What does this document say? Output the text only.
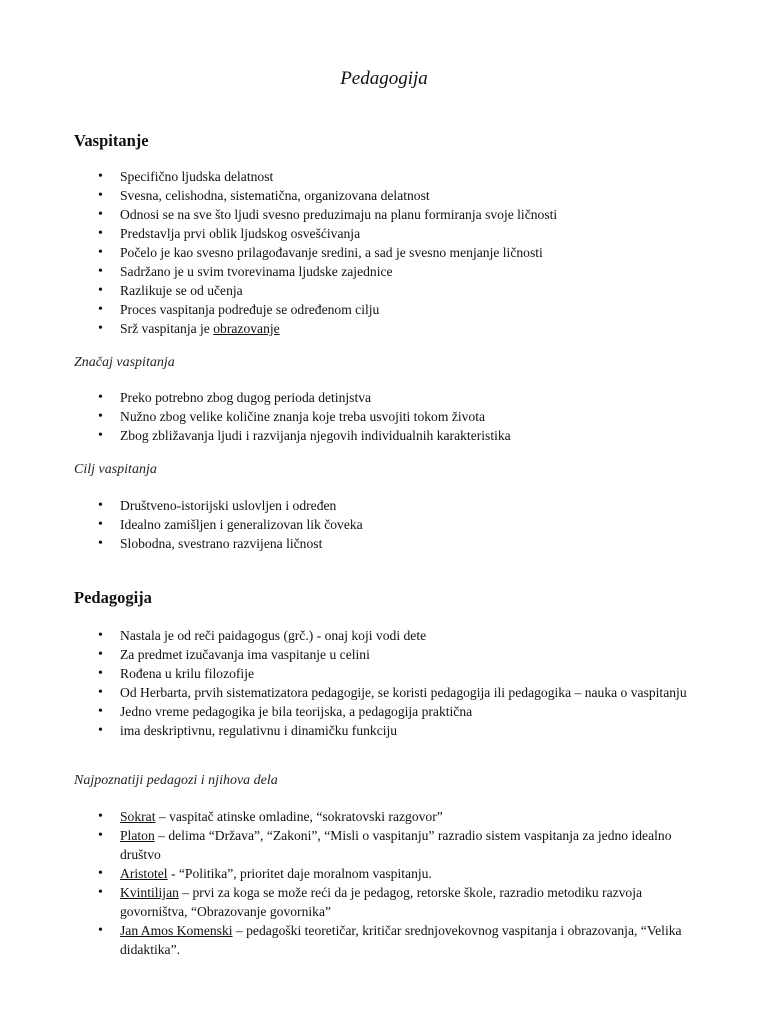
Pedagogija
Vaspitanje
• Specifično ljudska delatnost
• Svesna, celishodna, sistematična, organizovana delatnost
• Odnosi se na sve što ljudi svesno preduzimaju na planu formiranja svoje ličnosti
• Predstavlja prvi oblik ljudskog osvešćivanja
• Počelo je kao svesno prilagođavanje sredini, a sad je svesno menjanje ličnosti
• Sadržano je u svim tvorevinama ljudske zajednice
• Razlikuje se od učenja
• Proces vaspitanja podređuje se određenom cilju
• Srž vaspitanja je obrazovanje
Značaj vaspitanja
• Preko potrebno zbog dugog perioda detinjstva
• Nužno zbog velike količine znanja koje treba usvojiti tokom života
• Zbog zbližavanja ljudi i razvijanja njegovih individualnih karakteristika
Cilj vaspitanja
• Društveno-istorijski uslovljen i određen
• Idealno zamišljen i generalizovan lik čoveka
• Slobodna, svestrano razvijena ličnost
Pedagogija
• Nastala je od reči paidagogus (grč.) - onaj koji vodi dete
• Za predmet izučavanja ima vaspitanje u celini
• Rođena u krilu filozofije
• Od Herbarta, prvih sistematizatora pedagogije, se koristi pedagogija ili pedagogika – nauka o vaspitanju
• Jedno vreme pedagogika je bila teorijska, a pedagogija praktična
• ima deskriptivnu, regulativnu i dinamičku funkciju
Najpoznatiji pedagozi i njihova dela
• Sokrat – vaspitač atinske omladine, “sokratovski razgovor”
• Platon – delima “Država”, “Zakoni”, “Misli o vaspitanju” razradio sistem vaspitanja za jedno idealno društvo
• Aristotel - “Politika”, prioritet daje moralnom vaspitanju.
• Kvintilijan – prvi za koga se može reći da je pedagog, retorske škole, razradio metodiku razvoja govorništva, “Obrazovanje govornika”
• Jan Amos Komenski – pedagoški teoretičar, kritičar srednjovekovnog vaspitanja i obrazovanja, “Velika didaktika”.
